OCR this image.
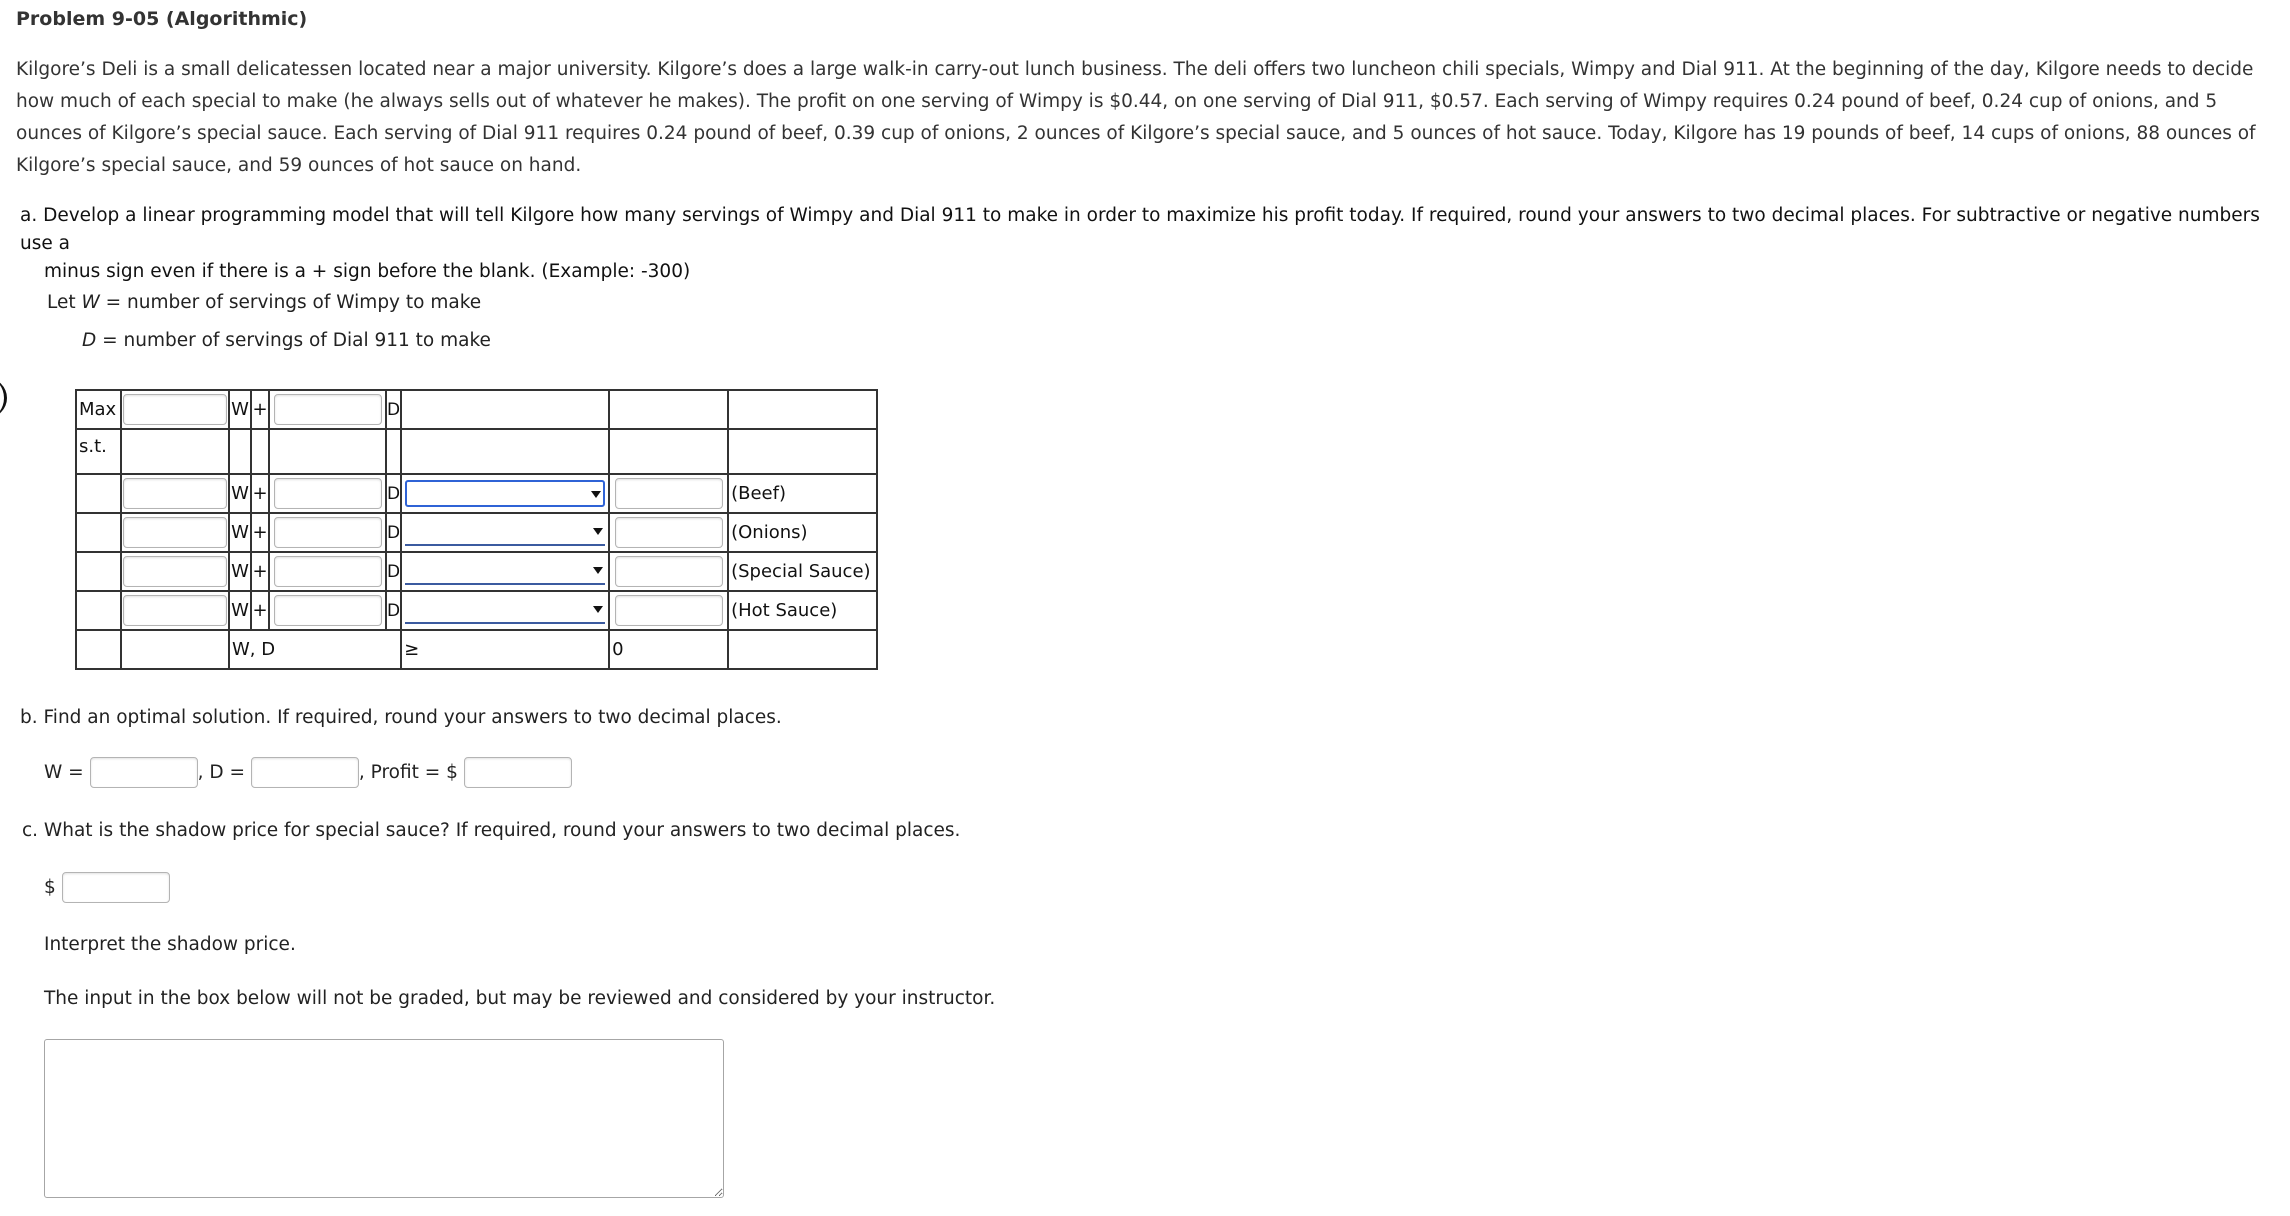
Problem 9-05 (Algorithmic)

Kilgore’s Deli is a small delicatessen located near a major university. Kilgore’s does a large walk-in carry-out lunch business. The deli offers two luncheon chili specials, Wimpy and Dial 911. At the beginning of the day, Kilgore needs to decide how much of each special to make (he always sells out of whatever he makes). The profit on one serving of Wimpy is $0.44, on one serving of Dial 911, $0.57. Each serving of Wimpy requires 0.24 pound of beef, 0.24 cup of onions, and 5 ounces of Kilgore’s special sauce. Each serving of Dial 911 requires 0.24 pound of beef, 0.39 cup of onions, 2 ounces of Kilgore’s special sauce, and 5 ounces of hot sauce. Today, Kilgore has 19 pounds of beef, 14 cups of onions, 88 ounces of Kilgore’s special sauce, and 59 ounces of hot sauce on hand.

a. Develop a linear programming model that will tell Kilgore how many servings of Wimpy and Dial 911 to make in order to maximize his profit today. If required, round your answers to two decimal places. For subtractive or negative numbers use a

minus sign even if there is a + sign before the blank. (Example: -300)
Let W = number of servings of Wimpy to make
D = number of servings of Dial 911 to make
Max		W	+		D			
s.t.								
		W	+		D			(Beef)
		W	+		D			(Onions)
		W	+		D			(Special Sauce)
		W	+		D			(Hot Sauce)
		W, D				≥	0	
b. Find an optimal solution. If required, round your answers to two decimal places.
W =	, D =	, Profit = $
c. What is the shadow price for special sauce? If required, round your answers to two decimal places.
$
Interpret the shadow price.
The input in the box below will not be graded, but may be reviewed and considered by your instructor.
